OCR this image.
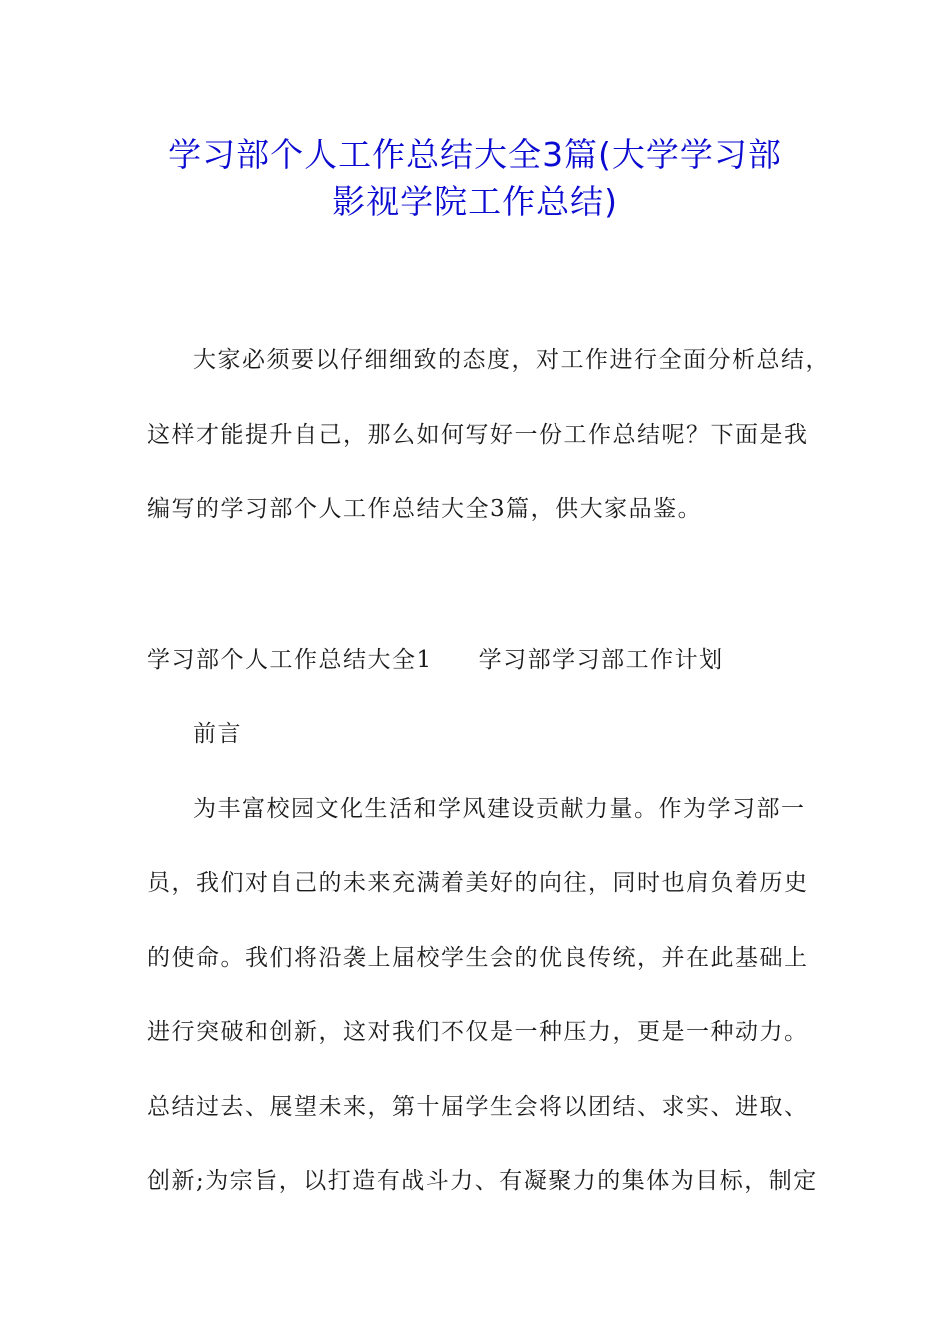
学习部个人工作总结大全3篇(大学学习部
影视学院工作总结)
大家必须要以仔细细致的态度，对工作进行全面分析总结，
这样才能提升自己，那么如何写好一份工作总结呢？下面是我
编写的学习部个人工作总结大全3篇，供大家品鉴。
学习部个人工作总结大全1 学习部学习部工作计划
前言
为丰富校园文化生活和学风建设贡献力量。作为学习部一
员，我们对自己的未来充满着美好的向往，同时也肩负着历史
的使命。我们将沿袭上届校学生会的优良传统，并在此基础上
进行突破和创新，这对我们不仅是一种压力，更是一种动力。
总结过去、展望未来，第十届学生会将以团结、求实、进取、
创新;为宗旨，以打造有战斗力、有凝聚力的集体为目标，制定
